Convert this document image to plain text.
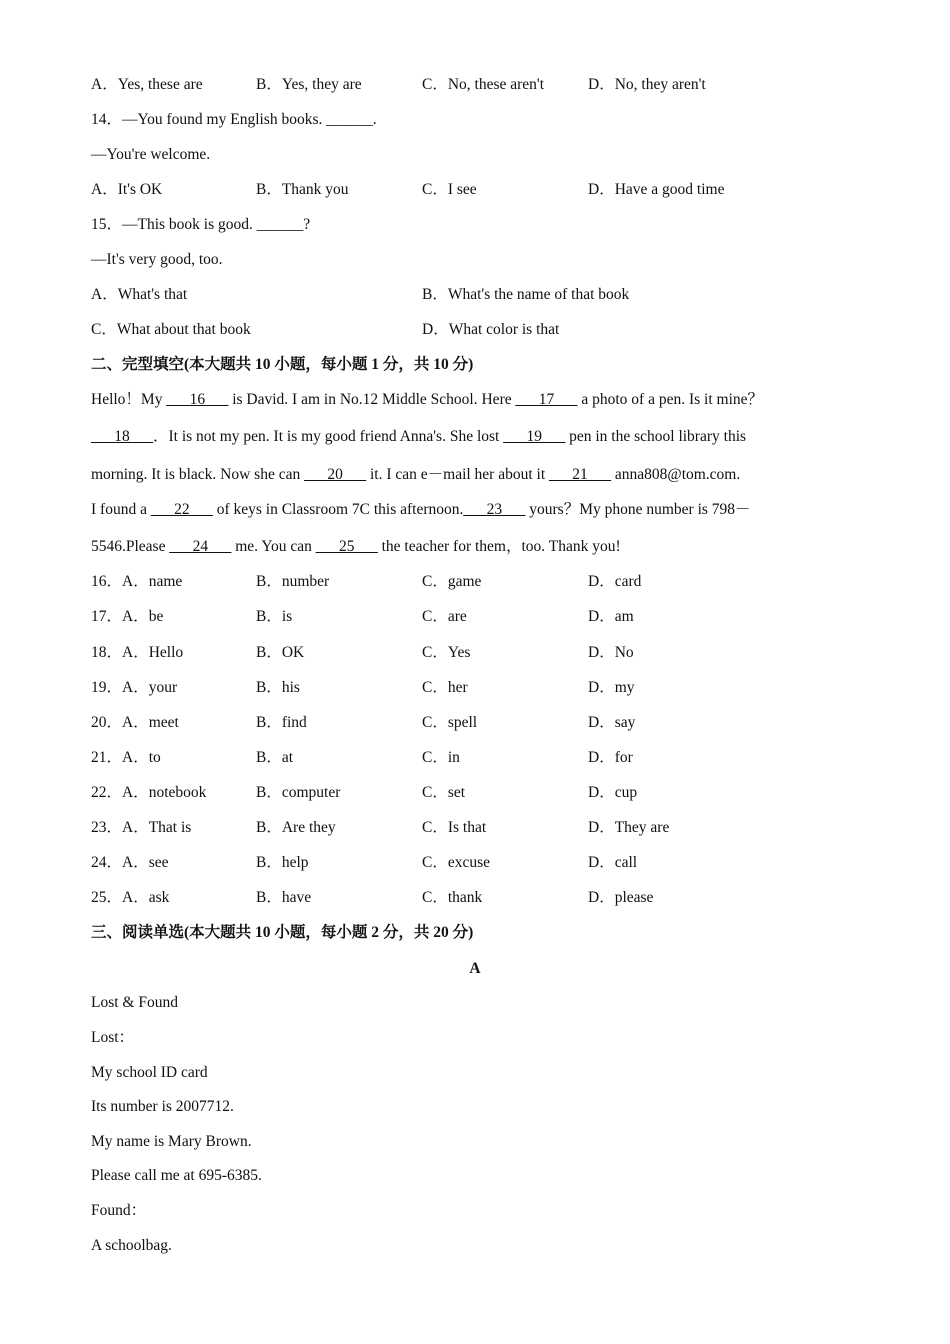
A．Yes, these are	B．Yes, they are	C．No, these aren't	D．No, they aren't
14．—You found my English books. ______.
—You're welcome.
A．It's OK	B．Thank you	C．I see	D．Have a good time
15．—This book is good. ______?
—It's very good, too.
A．What's that	B．What's the name of that book
C．What about that book	D．What color is that
二、完型填空(本大题共 10 小题，每小题 1 分，共 10 分)
Hello！My ___16___ is David. I am in No.12 Middle School. Here ___17___ a photo of a pen. Is it mine？
___18___．It is not my pen. It is my good friend Anna's. She lost ___19___ pen in the school library this
morning. It is black. Now she can ___20___ it. I can e－mail her about it ___21___ anna808@tom.com.
I found a ___22___ of keys in Classroom 7C this afternoon.___23___ yours？My phone number is 798－
5546.Please ___24___ me. You can ___25___ the teacher for them，too. Thank you!
16．A．name	B．number	C．game	D．card
17．A．be	B．is	C．are	D．am
18．A．Hello	B．OK	C．Yes	D．No
19．A．your	B．his	C．her	D．my
20．A．meet	B．find	C．spell	D．say
21．A．to	B．at	C．in	D．for
22．A．notebook	B．computer	C．set	D．cup
23．A．That is	B．Are they	C．Is that	D．They are
24．A．see	B．help	C．excuse	D．call
25．A．ask	B．have	C．thank	D．please
三、阅读单选(本大题共 10 小题，每小题 2 分，共 20 分)
A
Lost & Found
Lost：
My school ID card
Its number is 2007712.
My name is Mary Brown.
Please call me at 695-6385.
Found：
A schoolbag.
